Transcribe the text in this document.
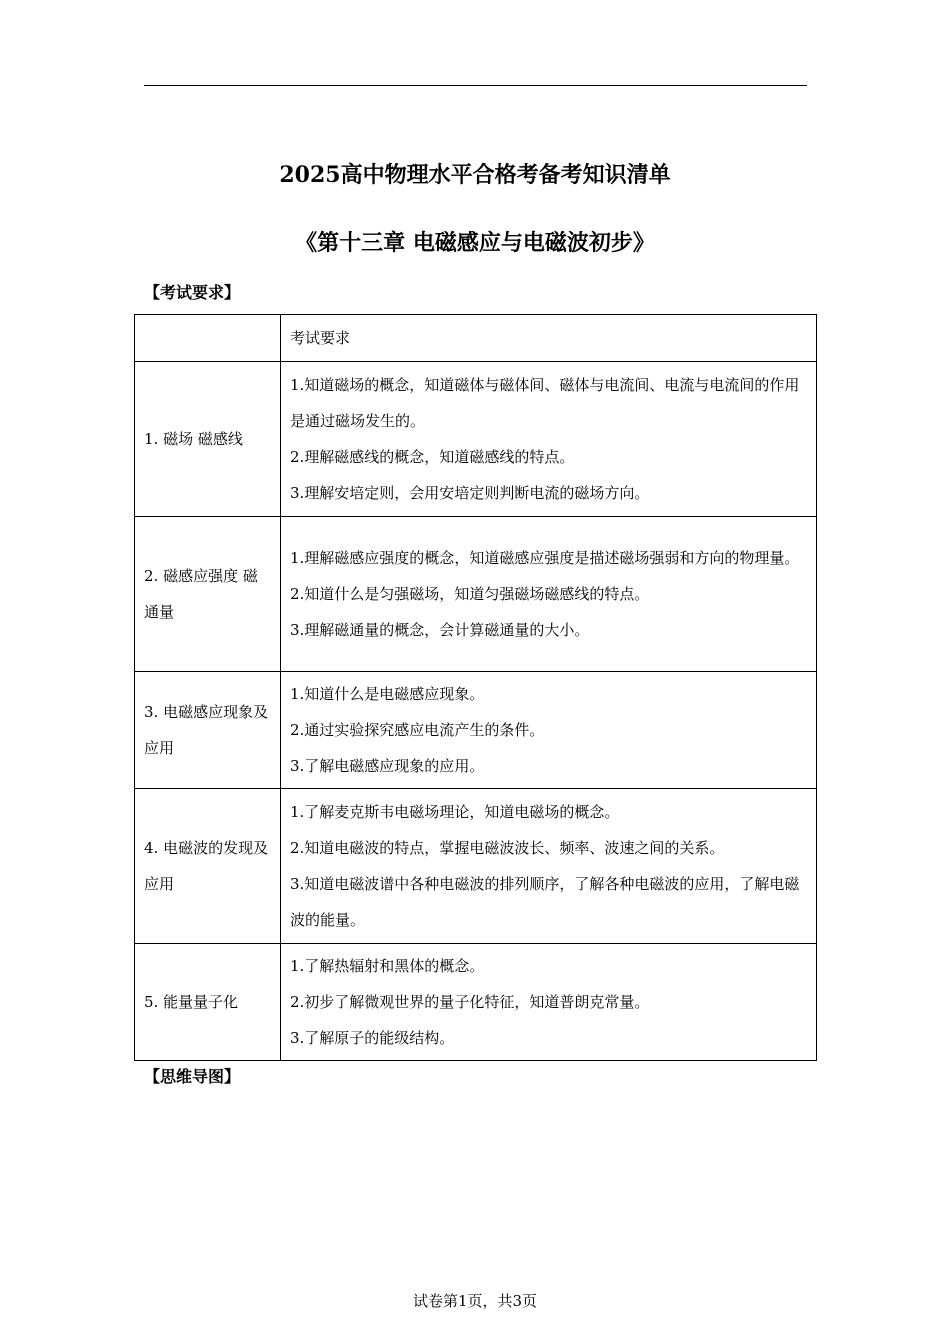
2025高中物理水平合格考备考知识清单
《第十三章 电磁感应与电磁波初步》
【考试要求】
	考试要求
1. 磁场 磁感线	1.知道磁场的概念，知道磁体与磁体间、磁体与电流间、电流与电流间的作用是通过磁场发生的。
2.理解磁感线的概念，知道磁感线的特点。
3.理解安培定则，会用安培定则判断电流的磁场方向。

2. 磁感应强度 磁通量	1.理解磁感应强度的概念，知道磁感应强度是描述磁场强弱和方向的物理量。
2.知道什么是匀强磁场，知道匀强磁场磁感线的特点。
3.理解磁通量的概念，会计算磁通量的大小。

3. 电磁感应现象及应用	1.知道什么是电磁感应现象。
2.通过实验探究感应电流产生的条件。
3.了解电磁感应现象的应用。

4. 电磁波的发现及应用	1.了解麦克斯韦电磁场理论，知道电磁场的概念。
2.知道电磁波的特点，掌握电磁波波长、频率、波速之间的关系。
3.知道电磁波谱中各种电磁波的排列顺序，了解各种电磁波的应用，了解电磁波的能量。

5. 能量量子化	1.了解热辐射和黑体的概念。
2.初步了解微观世界的量子化特征，知道普朗克常量。
3.了解原子的能级结构。
【思维导图】
试卷第1页，共3页
